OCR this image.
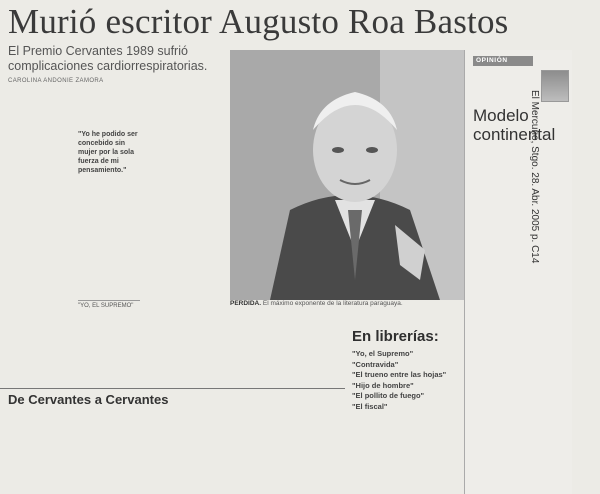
Murió escritor Augusto Roa Bastos
El Premio Cervantes 1989 sufrió complicaciones cardiorrespiratorias.
CAROLINA ANDONIE ZAMORA
"Yo he podido ser concebido sin mujer por la sola fuerza de mi pensamiento."
"YO, EL SUPREMO"	PERDIDA. El máximo exponente de la literatura paraguaya.
De Cervantes a Cervantes
En librerías:
"Yo, el Supremo"
"Contravida"
"El trueno entre las hojas"
"Hijo de hombre"
"El pollito de fuego"
"El fiscal"
OPINIÓN
Modelo continental
El Mercurio, Stgo. 28. Abr. 2005 p. C14
